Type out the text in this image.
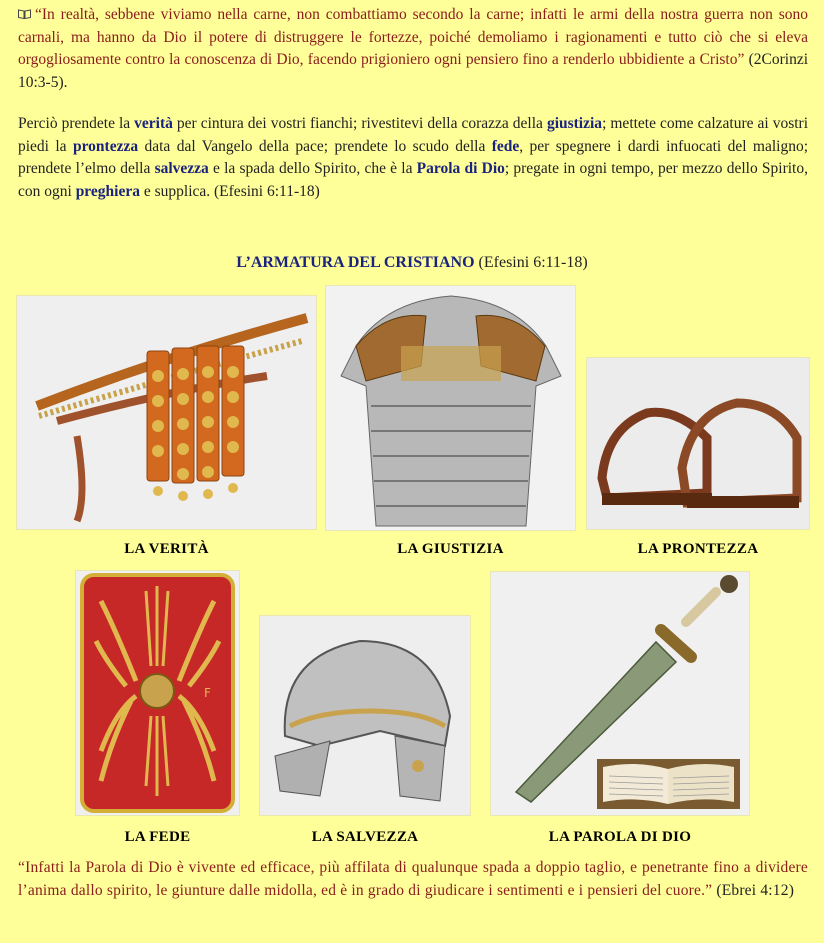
“In realtà, sebbene viviamo nella carne, non combattiamo secondo la carne; infatti le armi della nostra guerra non sono carnali, ma hanno da Dio il potere di distruggere le fortezze, poiché demoliamo i ragionamenti e tutto ciò che si eleva orgogliosamente contro la conoscenza di Dio, facendo prigioniero ogni pensiero fino a renderlo ubbidiente a Cristo” (2Corinzi 10:3-5).
Perciò prendete la verità per cintura dei vostri fianchi; rivestitevi della corazza della giustizia; mettete come calzature ai vostri piedi la prontezza data dal Vangelo della pace; prendete lo scudo della fede, per spegnere i dardi infuocati del maligno; prendete l’elmo della salvezza e la spada dello Spirito, che è la Parola di Dio; pregate in ogni tempo, per mezzo dello Spirito, con ogni preghiera e supplica. (Efesini 6:11-18)
L’ARMATURA DEL CRISTIANO (Efesini 6:11-18)
LA VERITÀ	LA GIUSTIZIA	LA PRONTEZZA
F
LA FEDE	LA SALVEZZA	LA PAROLA DI DIO
“Infatti la Parola di Dio è vivente ed efficace, più affilata di qualunque spada a doppio taglio, e penetrante fino a dividere l’anima dallo spirito, le giunture dalle midolla, ed è in grado di giudicare i sentimenti e i pensieri del cuore.” (Ebrei 4:12)
